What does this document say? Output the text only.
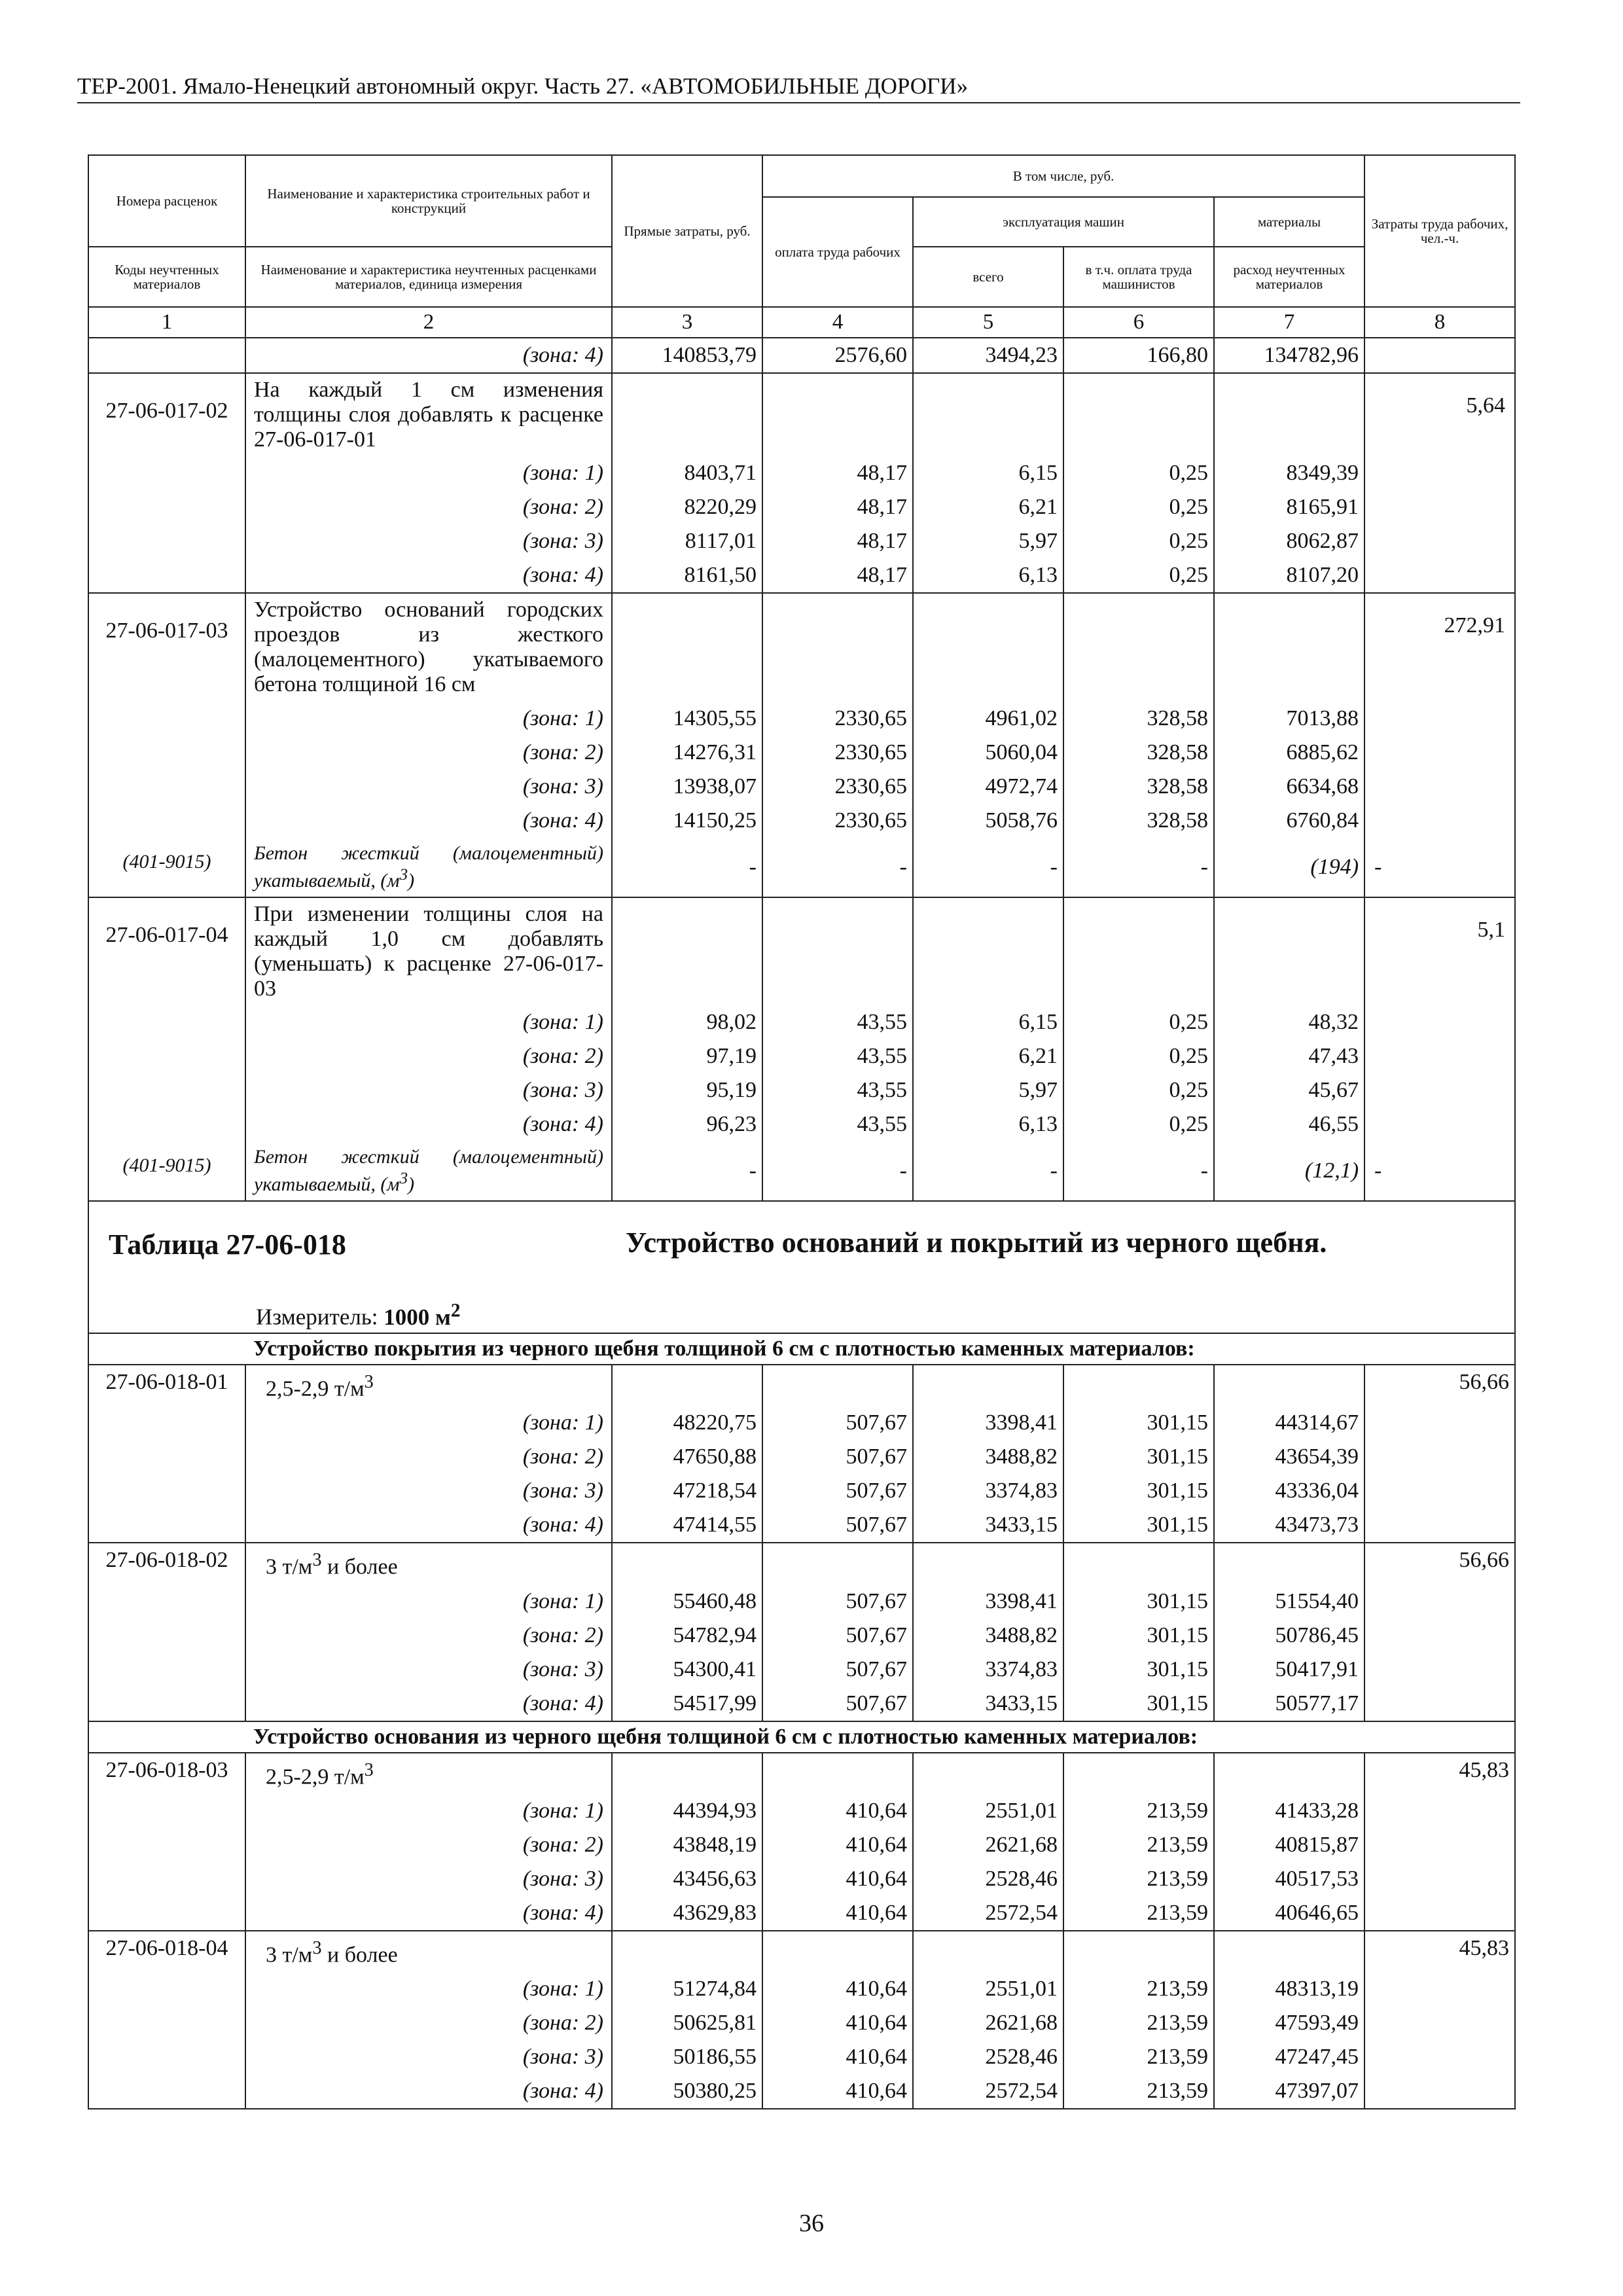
ТЕР-2001. Ямало-Ненецкий автономный округ. Часть 27. «АВТОМОБИЛЬНЫЕ ДОРОГИ»
Номера расценок	Наименование и характеристика строительных работ и конструкций	Прямые затраты, руб.	В том числе, руб.				Затраты труда рабочих, чел.-ч.
			оплата труда рабочих	эксплуатация машин		материалы	
Коды неучтенных материалов	Наименование и характеристика неучтенных расценками материалов, единица измерения			всего	в т.ч. оплата труда машинистов	расход неучтенных материалов	

1	2	3	4	5	6	7	8
	(зона: 4)	140853,79	2576,60	3494,23	166,80	134782,96	
27-06-017-02	На каждый 1 см изменения толщины слоя добавлять к расценке 27-06-017-01						5,64
	(зона: 1)	8403,71	48,17	6,15	0,25	8349,39	
	(зона: 2)	8220,29	48,17	6,21	0,25	8165,91	
	(зона: 3)	8117,01	48,17	5,97	0,25	8062,87	
	(зона: 4)	8161,50	48,17	6,13	0,25	8107,20	
27-06-017-03	Устройство оснований городских проездов из жесткого (малоцементного) укатываемого бетона толщиной 16 см						272,91
	(зона: 1)	14305,55	2330,65	4961,02	328,58	7013,88	
	(зона: 2)	14276,31	2330,65	5060,04	328,58	6885,62	
	(зона: 3)	13938,07	2330,65	4972,74	328,58	6634,68	
	(зона: 4)	14150,25	2330,65	5058,76	328,58	6760,84	
(401-9015)	Бетон жесткий (малоцементный) укатываемый, $(м^3)$	-	-	-	-	(194)	-
27-06-017-04	При изменении толщины слоя на каждый 1,0 см добавлять (уменьшать) к расценке 27-06-017-03						5,1
	(зона: 1)	98,02	43,55	6,15	0,25	48,32	
	(зона: 2)	97,19	43,55	6,21	0,25	47,43	
	(зона: 3)	95,19	43,55	5,97	0,25	45,67	
	(зона: 4)	96,23	43,55	6,13	0,25	46,55	
(401-9015)	Бетон жесткий (малоцементный) укатываемый, $(м^3)$	-	-	-	-	(12,1)	-

Таблица 27-06-018 Устройство оснований и покрытий из черного щебня.
Измеритель: 1000 $м^2$

	Устройство покрытия из черного щебня толщиной 6 см с плотностью каменных материалов:						
27-06-018-01	2,5-2,9 $т/м^3$						56,66
	(зона: 1)	48220,75	507,67	3398,41	301,15	44314,67	
	(зона: 2)	47650,88	507,67	3488,82	301,15	43654,39	
	(зона: 3)	47218,54	507,67	3374,83	301,15	43336,04	
	(зона: 4)	47414,55	507,67	3433,15	301,15	43473,73	
27-06-018-02	3 $т/м^3$ и более						56,66
	(зона: 1)	55460,48	507,67	3398,41	301,15	51554,40	
	(зона: 2)	54782,94	507,67	3488,82	301,15	50786,45	
	(зона: 3)	54300,41	507,67	3374,83	301,15	50417,91	
	(зона: 4)	54517,99	507,67	3433,15	301,15	50577,17	
	Устройство основания из черного щебня толщиной 6 см с плотностью каменных материалов:						
27-06-018-03	2,5-2,9 $т/м^3$						45,83
	(зона: 1)	44394,93	410,64	2551,01	213,59	41433,28	
	(зона: 2)	43848,19	410,64	2621,68	213,59	40815,87	
	(зона: 3)	43456,63	410,64	2528,46	213,59	40517,53	
	(зона: 4)	43629,83	410,64	2572,54	213,59	40646,65	
27-06-018-04	3 $т/м^3$ и более						45,83
	(зона: 1)	51274,84	410,64	2551,01	213,59	48313,19	
	(зона: 2)	50625,81	410,64	2621,68	213,59	47593,49	
	(зона: 3)	50186,55	410,64	2528,46	213,59	47247,45	
	(зона: 4)	50380,25	410,64	2572,54	213,59	47397,07	

36
